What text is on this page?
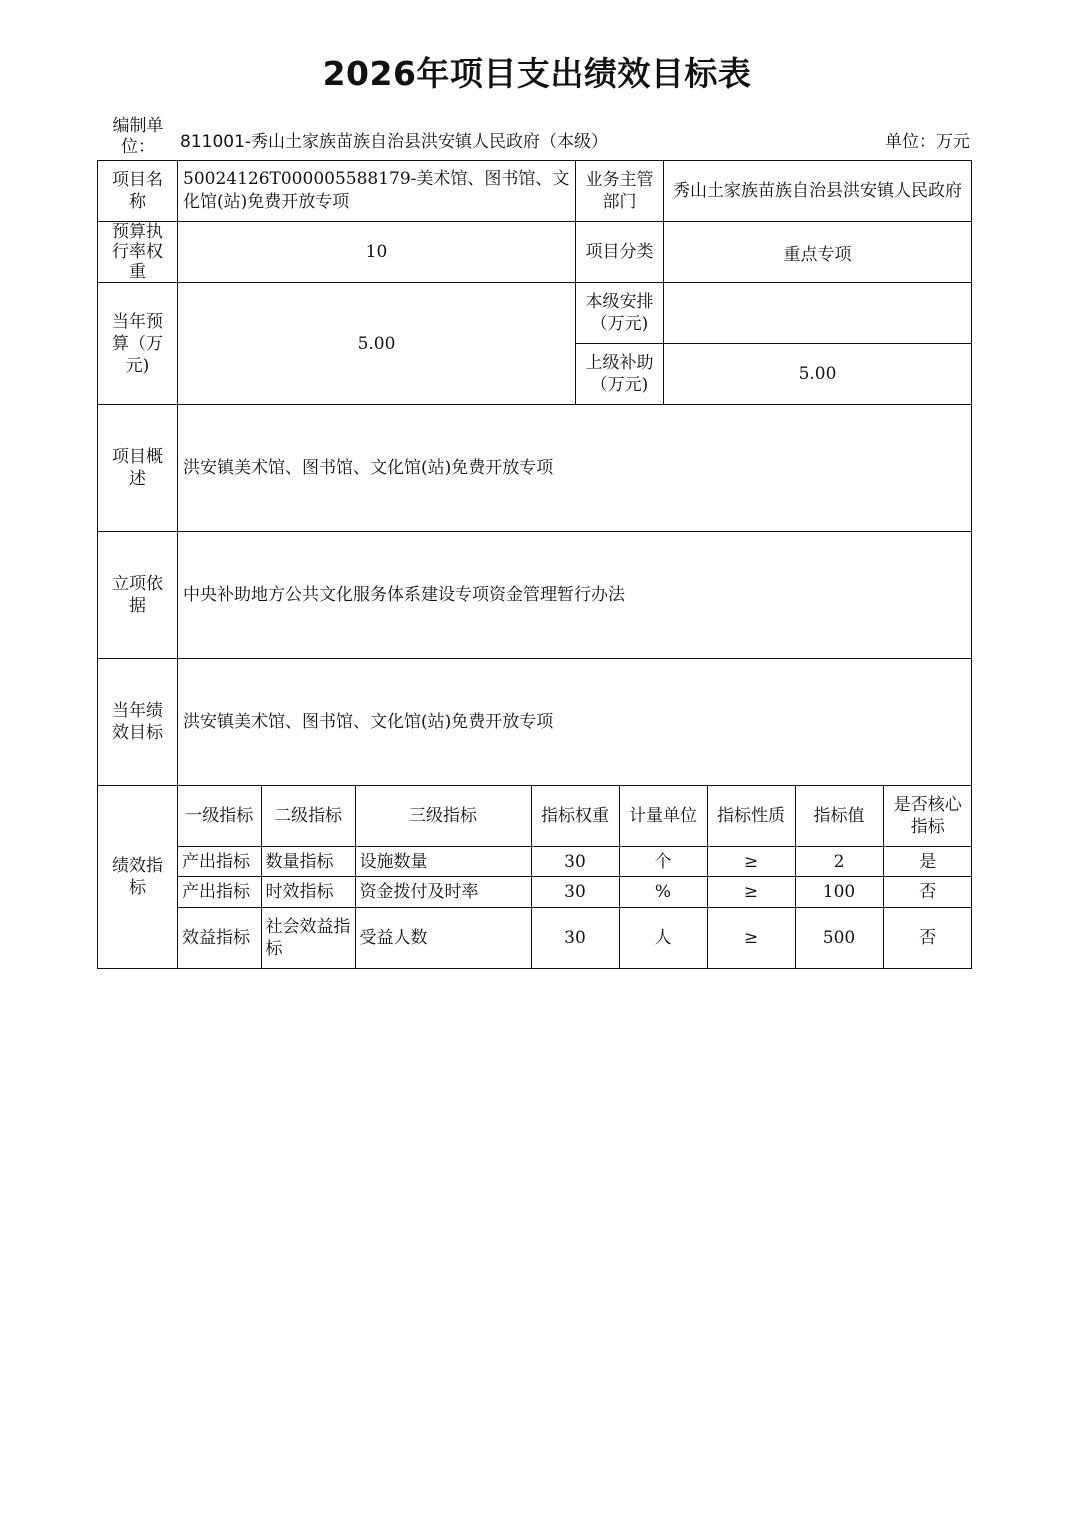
2026年项目支出绩效目标表
编制单位：	811001-秀山土家族苗族自治县洪安镇人民政府（本级）	单位：万元
项目名称	50024126T000005588179-美术馆、图书馆、文化馆(站)免费开放专项	业务主管部门	秀山土家族苗族自治县洪安镇人民政府
预算执行率权重	10	项目分类	重点专项
当年预算（万元)	5.00	本级安排（万元)	
上级补助（万元)	5.00
项目概述	洪安镇美术馆、图书馆、文化馆(站)免费开放专项
立项依据	中央补助地方公共文化服务体系建设专项资金管理暂行办法
当年绩效目标	洪安镇美术馆、图书馆、文化馆(站)免费开放专项
绩效指标	
一级指标	二级指标	三级指标	指标权重	计量单位	指标性质	指标值	是否核心指标
产出指标	数量指标	设施数量	30	个	≥	2	是
产出指标	时效指标	资金拨付及时率	30	%	≥	100	否
效益指标	社会效益指标	受益人数	30	人	≥	500	否
